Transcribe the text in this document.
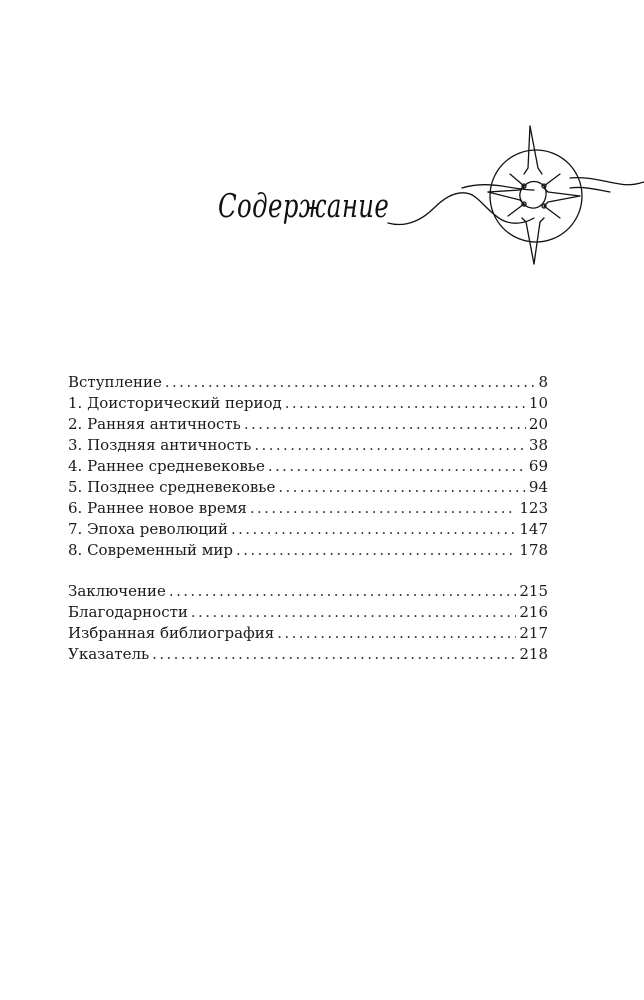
Содержание
Вступление .....	8
1. Доисторический период .....	10
2. Ранняя античность .....	20
3. Поздняя античность .....	38
4. Раннее средневековье .....	69
5. Позднее средневековье .....	94
6. Раннее новое время .....	123
7. Эпоха революций .....	147
8. Современный мир .....	178
Заключение .....	215
Благодарности .....	216
Избранная библиография .....	217
Указатель .....	218
